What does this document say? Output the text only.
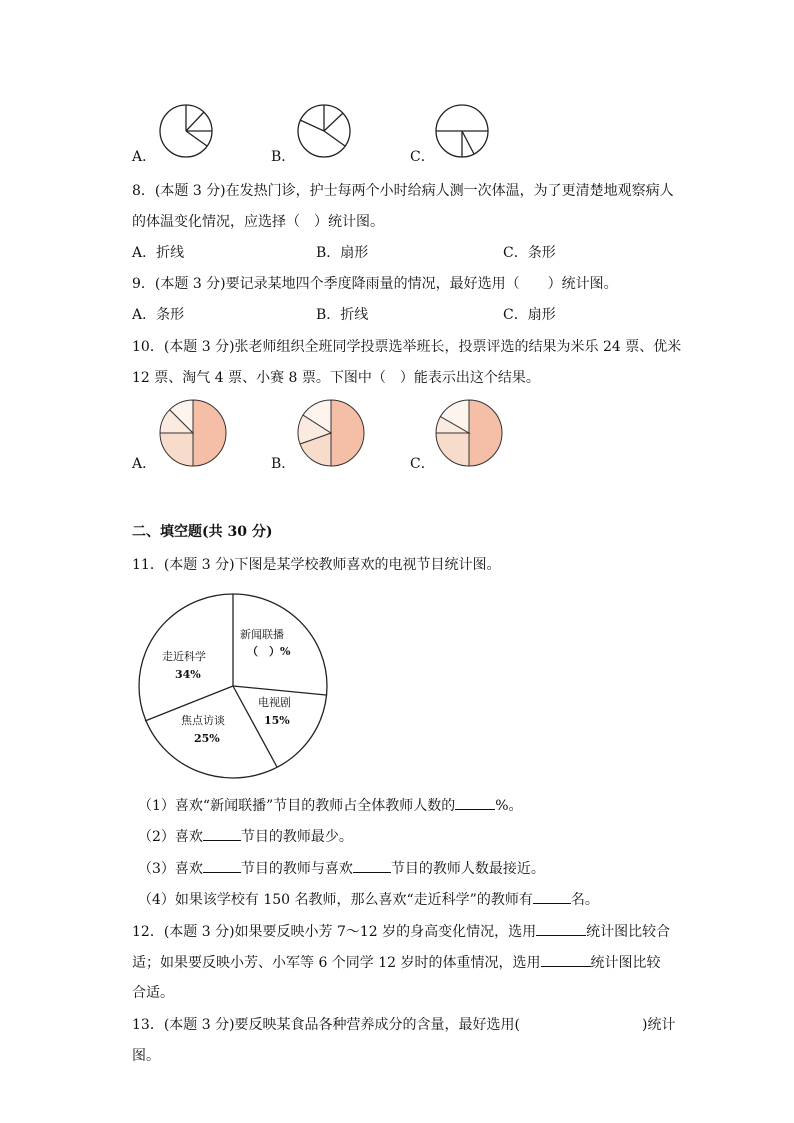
A．	B．	C．
8．(本题 3 分)在发热门诊，护士每两个小时给病人测一次体温，为了更清楚地观察病人
的体温变化情况，应选择（　）统计图。
A．折线	B．扇形	C．条形
9．(本题 3 分)要记录某地四个季度降雨量的情况，最好选用（　　）统计图。
A．条形	B．折线	C．扇形
10．(本题 3 分)张老师组织全班同学投票选举班长，投票评选的结果为米乐 24 票、优米
12 票、淘气 4 票、小赛 8 票。下图中（　）能表示出这个结果。
A．	B．	C．
二、填空题(共 30 分)
11．(本题 3 分)下图是某学校教师喜欢的电视节目统计图。
新闻联播
（　）%
走近科学
34%
焦点访谈
25%
电视剧
15%
（1）喜欢“新闻联播”节目的教师占全体教师人数的	%。
（2）喜欢	节目的教师最少。
（3）喜欢	节目的教师与喜欢	节目的教师人数最接近。
（4）如果该学校有 150 名教师，那么喜欢“走近科学”的教师有	名。
12．(本题 3 分)如果要反映小芳 7～12 岁的身高变化情况，选用	统计图比较合
适；如果要反映小芳、小军等 6 个同学 12 岁时的体重情况，选用	统计图比较
合适。
13．(本题 3 分)要反映某食品各种营养成分的含量，最好选用(	)统计
图。
